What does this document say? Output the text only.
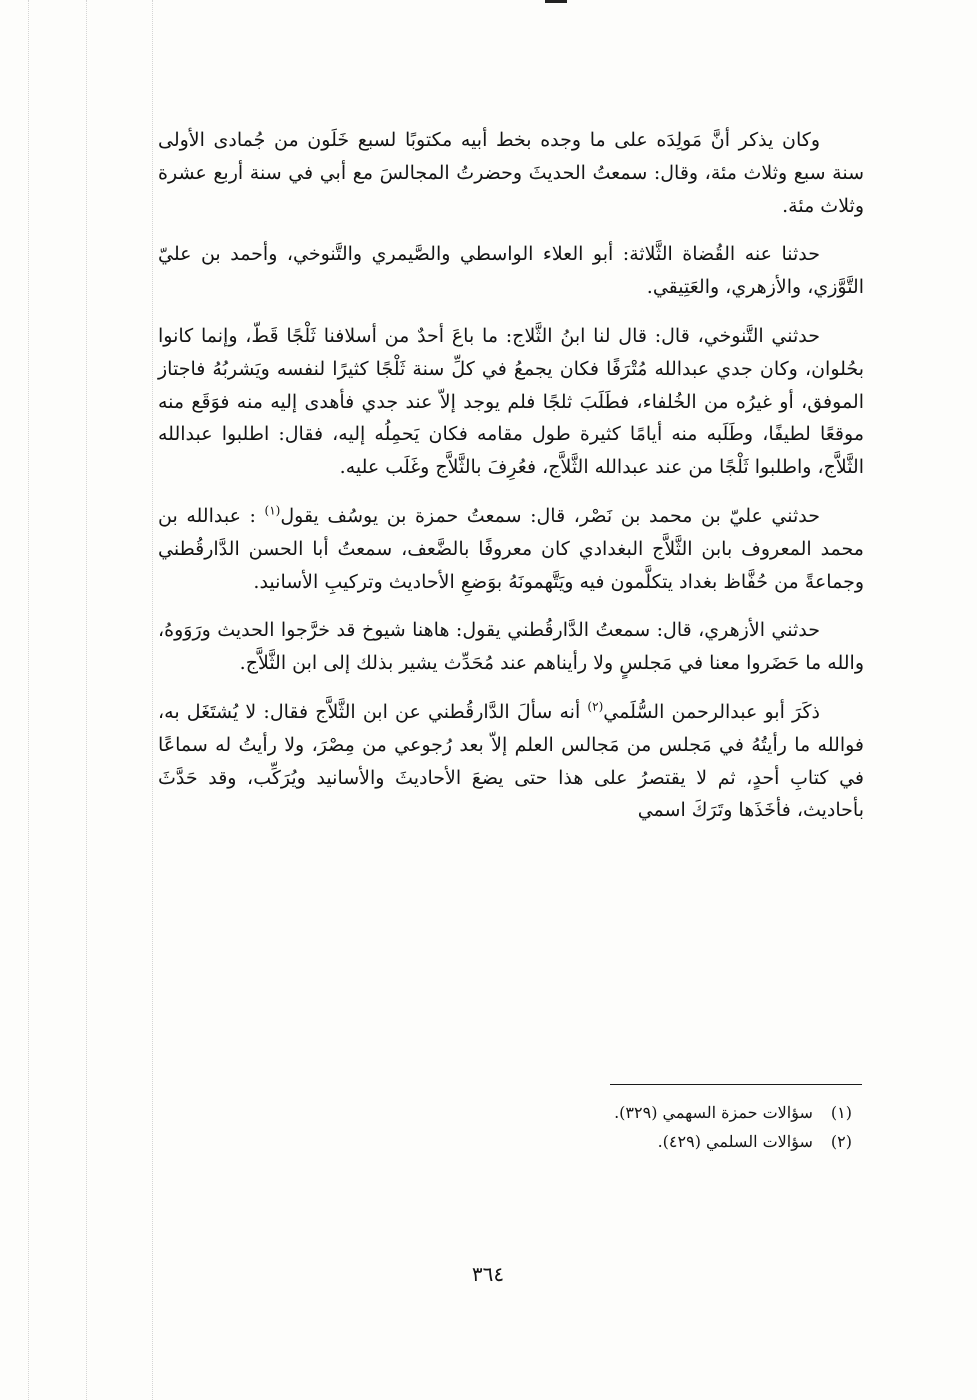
وكان يذكر أنَّ مَولِدَه على ما وجده بخط أبيه مكتوبًا لسبع خَلَون من جُمادى الأولى سنة سبع وثلاث مئة، وقال: سمعتُ الحديثَ وحضرتُ المجالسَ مع أبي في سنة أربع عشرة وثلاث مئة.

حدثنا عنه القُضاة الثَّلاثة: أبو العلاء الواسطي والصَّيمري والتَّنوخي، وأحمد بن عليّ التَّوَّزي، والأزهري، والعَتِيقي.

حدثني التَّنوخي، قال: قال لنا ابنُ الثَّلاج: ما باعَ أحدٌ من أسلافنا ثَلْجًا قَطّ، وإنما كانوا بحُلوان، وكان جدي عبدالله مُتْرَفًا فكان يجمعُ في كلِّ سنة ثَلْجًا كثيرًا لنفسه ويَشربُهُ فاجتاز الموفق، أو غيرُه من الخُلفاء، فطَلَبَ ثلجًا فلم يوجد إلاّ عند جدي فأهدى إليه منه فوَقَع منه موقعًا لطيفًا، وطَلَبه منه أيامًا كثيرة طول مقامه فكان يَحمِلُه إليه، فقال: اطلبوا عبدالله الثَّلاَّج، واطلبوا ثَلْجًا من عند عبدالله الثَّلاَّج، فعُرِفَ بالثَّلاَّج وغَلَب عليه.

حدثني عليّ بن محمد بن نَصْر، قال: سمعتُ حمزة بن يوسُف يقول$^{(١)}$ : عبدالله بن محمد المعروف بابن الثَّلاَّج البغدادي كان معروفًا بالضَّعف، سمعتُ أبا الحسن الدَّارقُطني وجماعةً من حُفَّاظ بغداد يتكلَّمون فيه ويَتَّهمونَهُ بوَضعِ الأحاديث وتركيبِ الأسانيد.

حدثني الأزهري، قال: سمعتُ الدَّارقُطني يقول: هاهنا شيوخ قد خرَّجوا الحديث ورَوَوهُ، والله ما حَضَروا معنا في مَجلسٍ ولا رأيناهم عند مُحَدِّث يشير بذلك إلى ابن الثَّلاَّج.

ذكَرَ أبو عبدالرحمن السُّلَمي$^{(٢)}$ أنه سألَ الدَّارقُطني عن ابن الثَّلاَّج فقال: لا يُشتَغَل به، فوالله ما رأيتُهُ في مَجلس من مَجالس العلم إلاّ بعد رُجوعي من مِصْرَ، ولا رأيتُ له سماعًا في كتابِ أحدٍ، ثم لا يقتصرُ على هذا حتى يضعَ الأحاديثَ والأسانيد ويُرَكِّب، وقد حَدَّثَ بأحاديث، فأخَذَها وتَرَكَ اسمي

(١) سؤالات حمزة السهمي (٣٢٩).
(٢) سؤالات السلمي (٤٢٩).
٣٦٤
